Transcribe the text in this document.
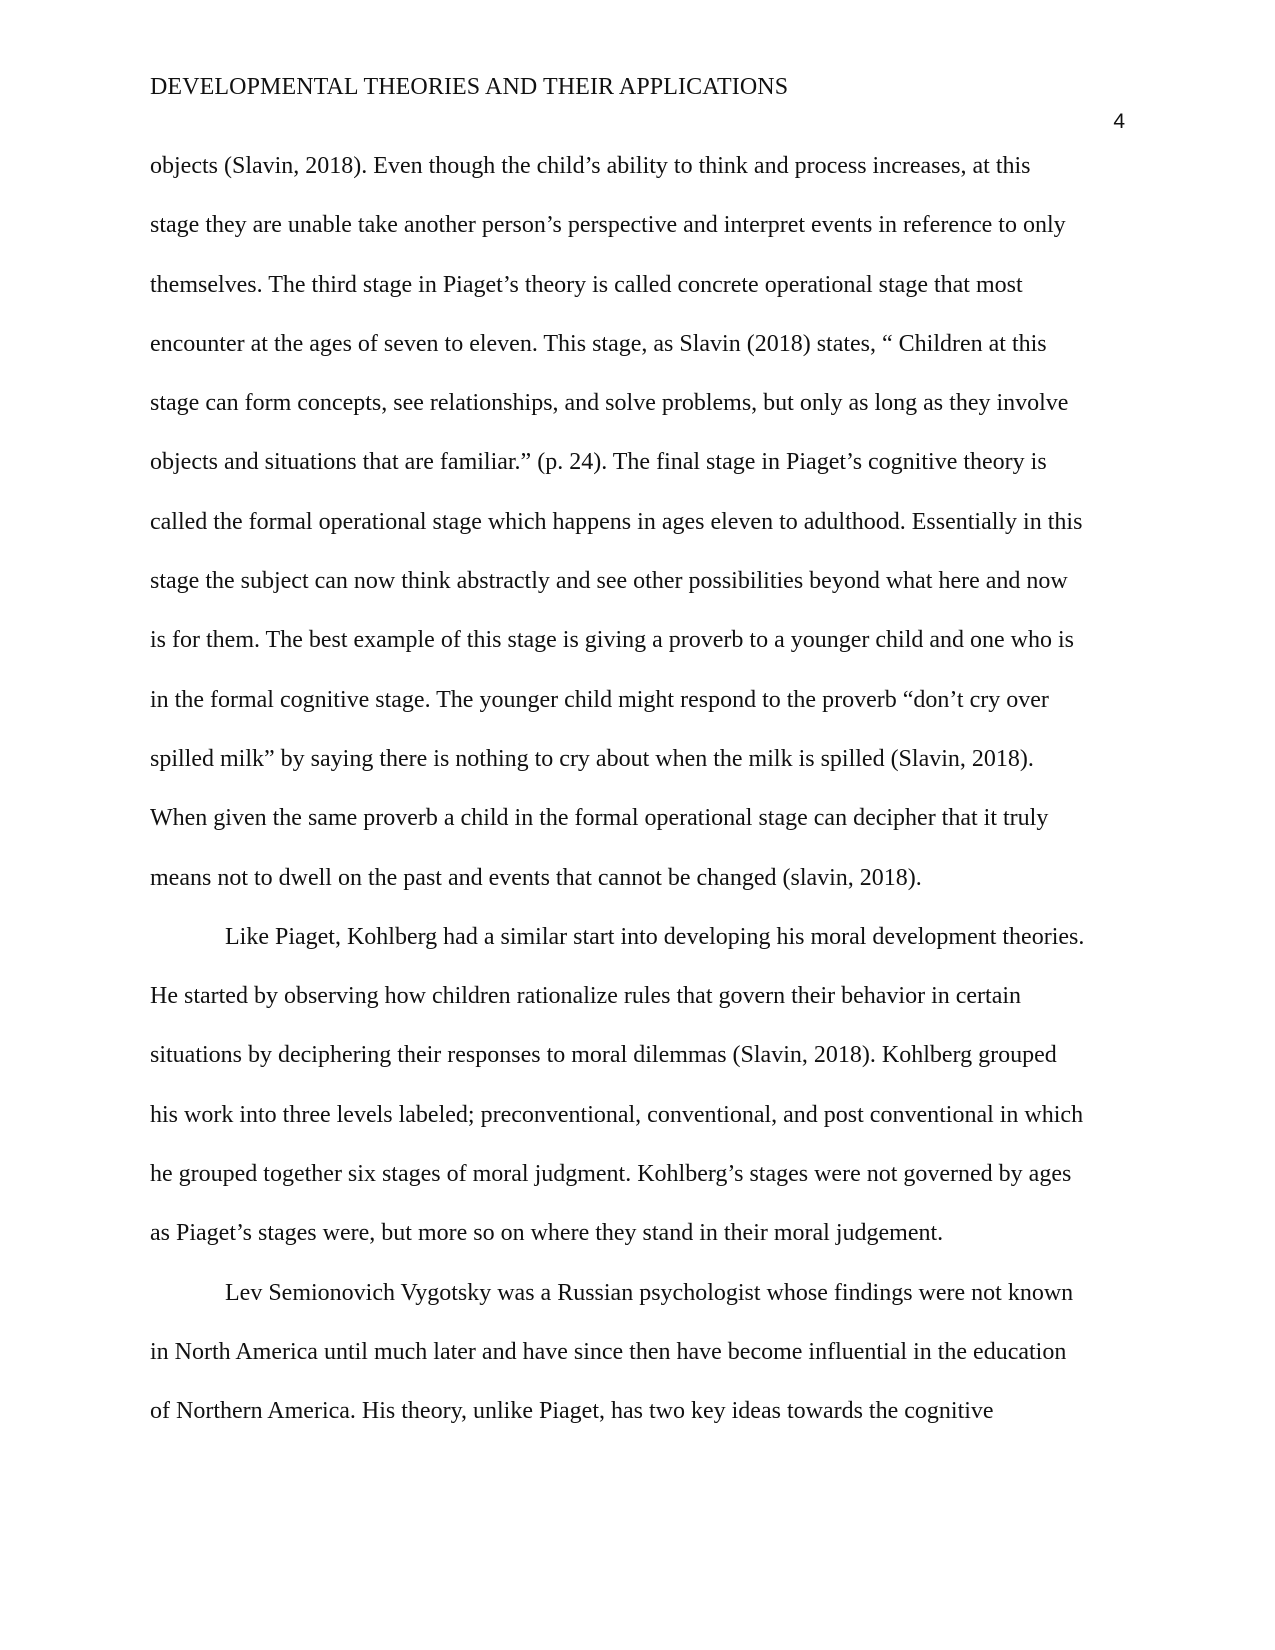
DEVELOPMENTAL THEORIES AND THEIR APPLICATIONS
4
objects (Slavin, 2018). Even though the child’s ability to think and process increases, at this
stage they are unable take another person’s perspective and interpret events in reference to only
themselves. The third stage in Piaget’s theory is called concrete operational stage that most
encounter at the ages of seven to eleven. This stage, as Slavin (2018) states, “ Children at this
stage can form concepts, see relationships, and solve problems, but only as long as they involve
objects and situations that are familiar.” (p. 24). The final stage in Piaget’s cognitive theory is
called the formal operational stage which happens in ages eleven to adulthood. Essentially in this
stage the subject can now think abstractly and see other possibilities beyond what here and now
is for them. The best example of this stage is giving a proverb to a younger child and one who is
in the formal cognitive stage. The younger child might respond to the proverb “don’t cry over
spilled milk” by saying there is nothing to cry about when the milk is spilled (Slavin, 2018).
When given the same proverb a child in the formal operational stage can decipher that it truly
means not to dwell on the past and events that cannot be changed (slavin, 2018).
Like Piaget, Kohlberg had a similar start into developing his moral development theories.
He started by observing how children rationalize rules that govern their behavior in certain
situations by deciphering their responses to moral dilemmas (Slavin, 2018). Kohlberg grouped
his work into three levels labeled; preconventional, conventional, and post conventional in which
he grouped together six stages of moral judgment. Kohlberg’s stages were not governed by ages
as Piaget’s stages were, but more so on where they stand in their moral judgement.
Lev Semionovich Vygotsky was a Russian psychologist whose findings were not known
in North America until much later and have since then have become influential in the education
of Northern America. His theory, unlike Piaget, has two key ideas towards the cognitive
